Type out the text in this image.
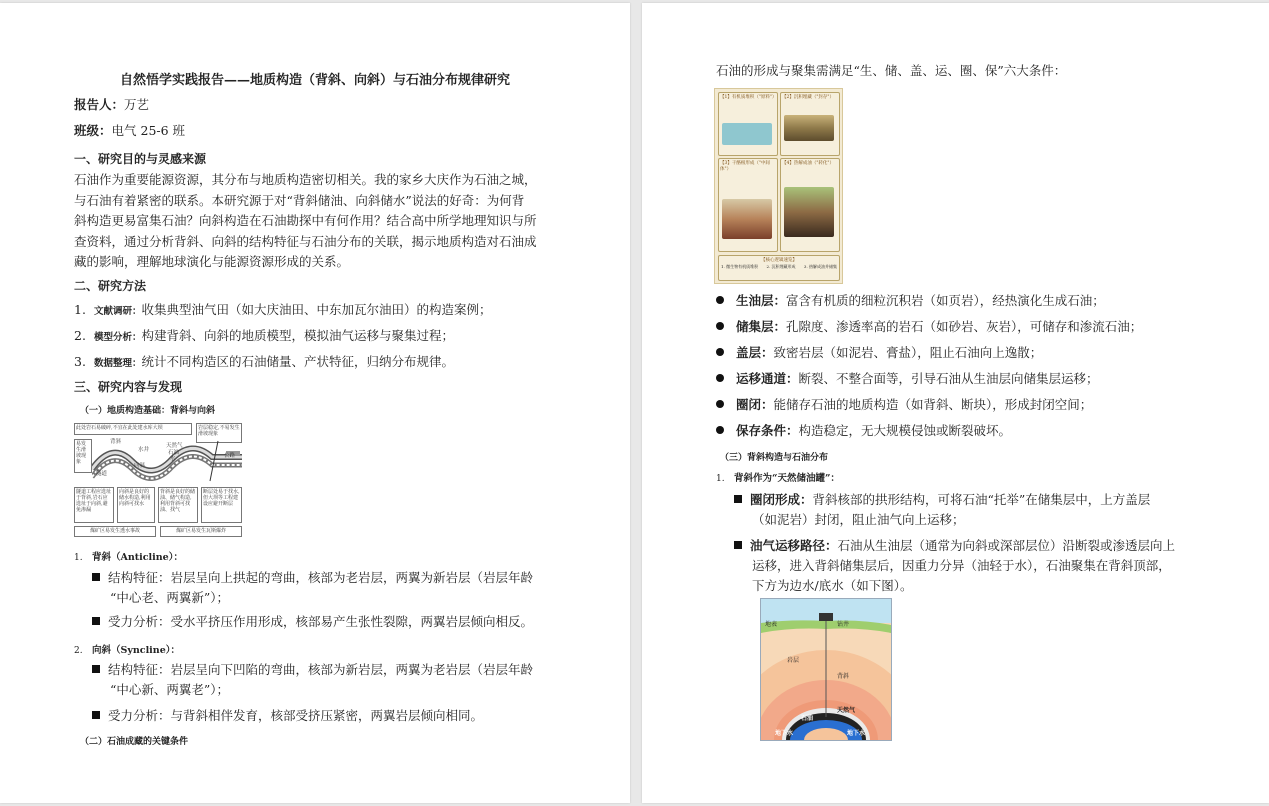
自然悟学实践报告——地质构造（背斜、向斜）与石油分布规律研究
报告人：万艺
班级：电气 25-6 班
一、研究目的与灵感来源
石油作为重要能源资源，其分布与地质构造密切相关。我的家乡大庆作为石油之城，
与石油有着紧密的联系。本研究源于对“背斜储油、向斜储水”说法的好奇：为何背
斜构造更易富集石油？向斜构造在石油勘探中有何作用？结合高中所学地理知识与所
查资料，通过分析背斜、向斜的结构特征与石油分布的关联，揭示地质构造对石油成
藏的影响，理解地球演化与能源资源形成的关系。
二、研究方法
1. 文献调研：收集典型油气田（如大庆油田、中东加瓦尔油田）的构造案例；
2. 模型分析：构建背斜、向斜的地质模型，模拟油气运移与聚集过程；
3. 数据整理：统计不同构造区的石油储量、产状特征，归纳分布规律。
三、研究内容与发现
（一）地质构造基础：背斜与向斜
此处岩石易破碎,不宜在此处建水库大坝	岩层稳定,不易发生滑坡现象
易发生滑坡现象
背斜
向斜
水井
天然气
石油
水
隧道
公路
隧道工程应选址于背斜,岩石应选址于向斜,避免渗漏
向斜是良好的储水构造,利用向斜可找水
背斜是良好的储油、储气构造,利用背斜可找油、找气
断层处易于找水,但大坝等工程建设应避开断层
煤矿区易发生透水事故	煤矿区易发生瓦斯爆炸
1. 背斜（Anticline）：
结构特征：岩层呈向上拱起的弯曲，核部为老岩层，两翼为新岩层（岩层年龄
“中心老、两翼新”）；
受力分析：受水平挤压作用形成，核部易产生张性裂隙，两翼岩层倾向相反。
2. 向斜（Syncline）：
结构特征：岩层呈向下凹陷的弯曲，核部为新岩层，两翼为老岩层（岩层年龄
“中心新、两翼老”）；
受力分析：与背斜相伴发育，核部受挤压紧密，两翼岩层倾向相同。
（二）石油成藏的关键条件
石油的形成与聚集需满足“生、储、盖、运、圈、保”六大条件：
【1】有机质堆积（"原料"） 【2】沉积埋藏（"封存"）
【3】干酪根形成（"中间体"）
【4】热解成油（"转化"）
【核心逻辑速览】
1. 微生物有机质堆积 2. 沉积埋藏形成 3. 热解成油并储集
生油层：富含有机质的细粒沉积岩（如页岩），经热演化生成石油；
储集层：孔隙度、渗透率高的岩石（如砂岩、灰岩），可储存和渗流石油；
盖层：致密岩层（如泥岩、膏盐），阻止石油向上逸散；
运移通道：断裂、不整合面等，引导石油从生油层向储集层运移；
圈闭：能储存石油的地质构造（如背斜、断块），形成封闭空间；
保存条件：构造稳定，无大规模侵蚀或断裂破坏。
（三）背斜构造与石油分布
1. 背斜作为“天然储油罐”：
圈闭形成：背斜核部的拱形结构，可将石油“托举”在储集层中，上方盖层
（如泥岩）封闭，阻止油气向上运移；
油气运移路径：石油从生油层（通常为向斜或深部层位）沿断裂或渗透层向上
运移，进入背斜储集层后，因重力分异（油轻于水），石油聚集在背斜顶部，
下方为边水/底水（如下图）。
地表	钻井
岩层
背斜
天然气
石油
地下水	地下水
